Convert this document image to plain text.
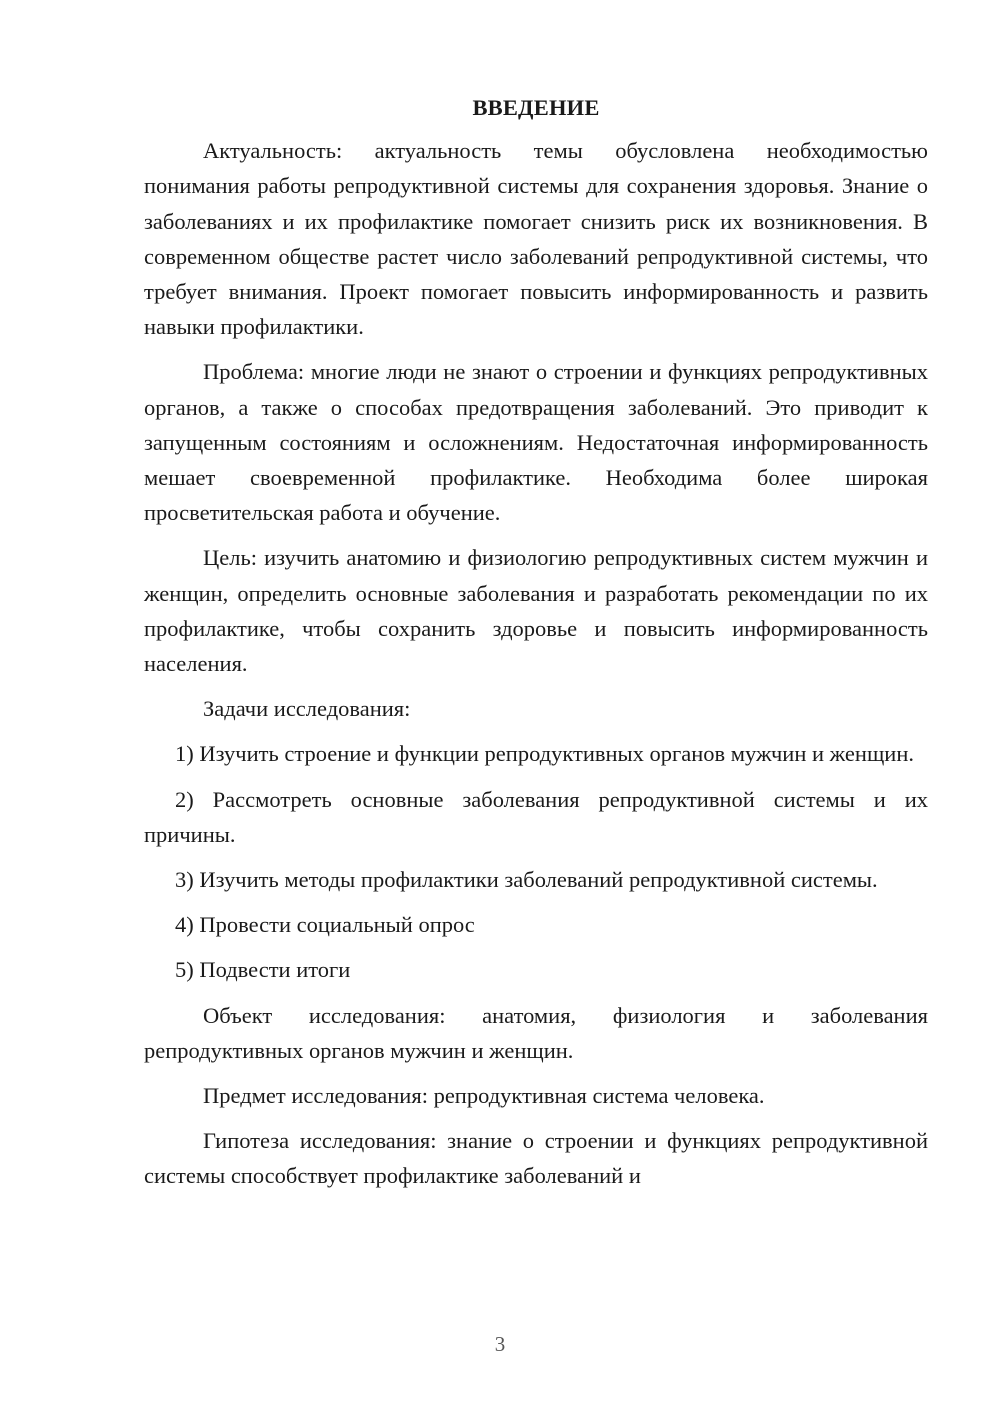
ВВЕДЕНИЕ

Актуальность: актуальность темы обусловлена необходимостью понимания работы репродуктивной системы для сохранения здоровья. Знание о заболеваниях и их профилактике помогает снизить риск их возникновения. В современном обществе растет число заболеваний репродуктивной системы, что требует внимания. Проект помогает повысить информированность и развить навыки профилактики.

Проблема: многие люди не знают о строении и функциях репродуктивных органов, а также о способах предотвращения заболеваний. Это приводит к запущенным состояниям и осложнениям. Недостаточная информированность мешает своевременной профилактике. Необходима более широкая просветительская работа и обучение.

Цель: изучить анатомию и физиологию репродуктивных систем мужчин и женщин, определить основные заболевания и разработать рекомендации по их профилактике, чтобы сохранить здоровье и повысить информированность населения.

Задачи исследования:

1) Изучить строение и функции репродуктивных органов мужчин и женщин.

2) Рассмотреть основные заболевания репродуктивной системы и их причины.

3) Изучить методы профилактики заболеваний репродуктивной системы.

4) Провести социальный опрос

5) Подвести итоги

Объект исследования: анатомия, физиология и заболевания репродуктивных органов мужчин и женщин.

Предмет исследования: репродуктивная система человека.

Гипотеза исследования: знание о строении и функциях репродуктивной системы способствует профилактике заболеваний и

3
